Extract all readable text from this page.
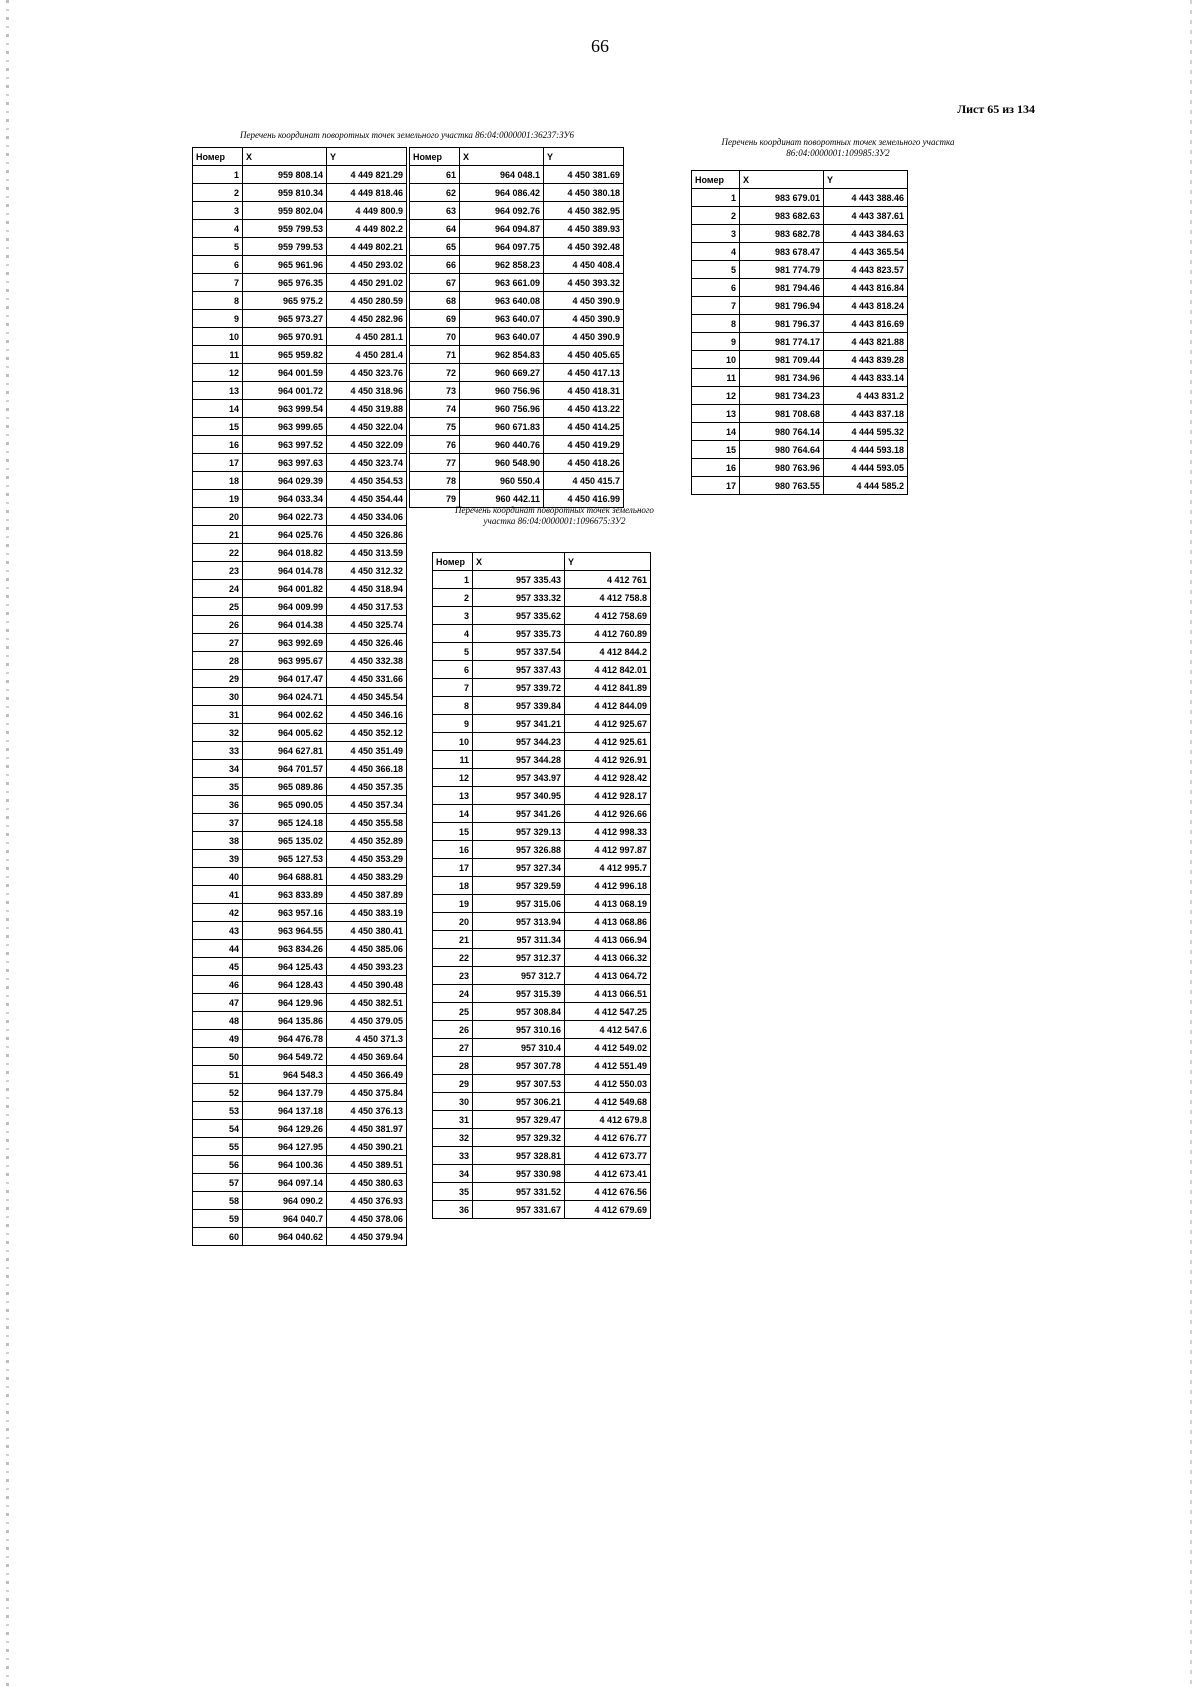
66
Лист 65 из 134
Перечень координат поворотных точек земельного участка 86:04:0000001:36237:ЗУ6
Номер	X	Y
1	959 808.14	4 449 821.29
2	959 810.34	4 449 818.46
3	959 802.04	4 449 800.9
4	959 799.53	4 449 802.2
5	959 799.53	4 449 802.21
6	965 961.96	4 450 293.02
7	965 976.35	4 450 291.02
8	965 975.2	4 450 280.59
9	965 973.27	4 450 282.96
10	965 970.91	4 450 281.1
11	965 959.82	4 450 281.4
12	964 001.59	4 450 323.76
13	964 001.72	4 450 318.96
14	963 999.54	4 450 319.88
15	963 999.65	4 450 322.04
16	963 997.52	4 450 322.09
17	963 997.63	4 450 323.74
18	964 029.39	4 450 354.53
19	964 033.34	4 450 354.44
20	964 022.73	4 450 334.06
21	964 025.76	4 450 326.86
22	964 018.82	4 450 313.59
23	964 014.78	4 450 312.32
24	964 001.82	4 450 318.94
25	964 009.99	4 450 317.53
26	964 014.38	4 450 325.74
27	963 992.69	4 450 326.46
28	963 995.67	4 450 332.38
29	964 017.47	4 450 331.66
30	964 024.71	4 450 345.54
31	964 002.62	4 450 346.16
32	964 005.62	4 450 352.12
33	964 627.81	4 450 351.49
34	964 701.57	4 450 366.18
35	965 089.86	4 450 357.35
36	965 090.05	4 450 357.34
37	965 124.18	4 450 355.58
38	965 135.02	4 450 352.89
39	965 127.53	4 450 353.29
40	964 688.81	4 450 383.29
41	963 833.89	4 450 387.89
42	963 957.16	4 450 383.19
43	963 964.55	4 450 380.41
44	963 834.26	4 450 385.06
45	964 125.43	4 450 393.23
46	964 128.43	4 450 390.48
47	964 129.96	4 450 382.51
48	964 135.86	4 450 379.05
49	964 476.78	4 450 371.3
50	964 549.72	4 450 369.64
51	964 548.3	4 450 366.49
52	964 137.79	4 450 375.84
53	964 137.18	4 450 376.13
54	964 129.26	4 450 381.97
55	964 127.95	4 450 390.21
56	964 100.36	4 450 389.51
57	964 097.14	4 450 380.63
58	964 090.2	4 450 376.93
59	964 040.7	4 450 378.06
60	964 040.62	4 450 379.94
Номер	X	Y
61	964 048.1	4 450 381.69
62	964 086.42	4 450 380.18
63	964 092.76	4 450 382.95
64	964 094.87	4 450 389.93
65	964 097.75	4 450 392.48
66	962 858.23	4 450 408.4
67	963 661.09	4 450 393.32
68	963 640.08	4 450 390.9
69	963 640.07	4 450 390.9
70	963 640.07	4 450 390.9
71	962 854.83	4 450 405.65
72	960 669.27	4 450 417.13
73	960 756.96	4 450 418.31
74	960 756.96	4 450 413.22
75	960 671.83	4 450 414.25
76	960 440.76	4 450 419.29
77	960 548.90	4 450 418.26
78	960 550.4	4 450 415.7
79	960 442.11	4 450 416.99
Перечень координат поворотных точек земельного участка 86:04:0000001:1096675:ЗУ2
Номер	X	Y
1	957 335.43	4 412 761
2	957 333.32	4 412 758.8
3	957 335.62	4 412 758.69
4	957 335.73	4 412 760.89
5	957 337.54	4 412 844.2
6	957 337.43	4 412 842.01
7	957 339.72	4 412 841.89
8	957 339.84	4 412 844.09
9	957 341.21	4 412 925.67
10	957 344.23	4 412 925.61
11	957 344.28	4 412 926.91
12	957 343.97	4 412 928.42
13	957 340.95	4 412 928.17
14	957 341.26	4 412 926.66
15	957 329.13	4 412 998.33
16	957 326.88	4 412 997.87
17	957 327.34	4 412 995.7
18	957 329.59	4 412 996.18
19	957 315.06	4 413 068.19
20	957 313.94	4 413 068.86
21	957 311.34	4 413 066.94
22	957 312.37	4 413 066.32
23	957 312.7	4 413 064.72
24	957 315.39	4 413 066.51
25	957 308.84	4 412 547.25
26	957 310.16	4 412 547.6
27	957 310.4	4 412 549.02
28	957 307.78	4 412 551.49
29	957 307.53	4 412 550.03
30	957 306.21	4 412 549.68
31	957 329.47	4 412 679.8
32	957 329.32	4 412 676.77
33	957 328.81	4 412 673.77
34	957 330.98	4 412 673.41
35	957 331.52	4 412 676.56
36	957 331.67	4 412 679.69
Перечень координат поворотных точек земельного участка 86:04:0000001:109985:ЗУ2
Номер	X	Y
1	983 679.01	4 443 388.46
2	983 682.63	4 443 387.61
3	983 682.78	4 443 384.63
4	983 678.47	4 443 365.54
5	981 774.79	4 443 823.57
6	981 794.46	4 443 816.84
7	981 796.94	4 443 818.24
8	981 796.37	4 443 816.69
9	981 774.17	4 443 821.88
10	981 709.44	4 443 839.28
11	981 734.96	4 443 833.14
12	981 734.23	4 443 831.2
13	981 708.68	4 443 837.18
14	980 764.14	4 444 595.32
15	980 764.64	4 444 593.18
16	980 763.96	4 444 593.05
17	980 763.55	4 444 585.2
